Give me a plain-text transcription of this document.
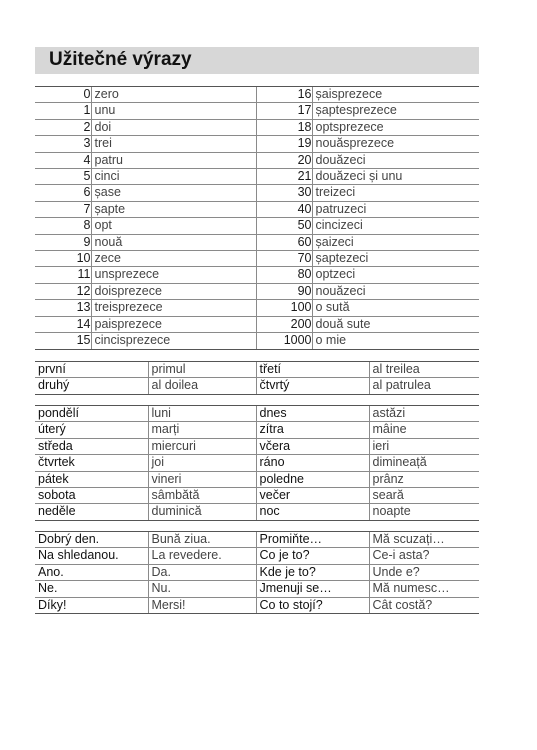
Užitečné výrazy
0	zero	16	șaisprezece
1	unu	17	șaptesprezece
2	doi	18	optsprezece
3	trei	19	nouăsprezece
4	patru	20	douăzeci
5	cinci	21	douăzeci și unu
6	șase	30	treizeci
7	șapte	40	patruzeci
8	opt	50	cincizeci
9	nouă	60	șaizeci
10	zece	70	șaptezeci
11	unsprezece	80	optzeci
12	doisprezece	90	nouăzeci
13	treisprezece	100	o sută
14	paisprezece	200	două sute
15	cincisprezece	1000	o mie
první	primul	třetí	al treilea
druhý	al doilea	čtvrtý	al patrulea
pondělí	luni	dnes	astăzi
úterý	marți	zítra	mâine
středa	miercuri	včera	ieri
čtvrtek	joi	ráno	dimineață
pátek	vineri	poledne	prânz
sobota	sâmbătă	večer	seară
neděle	duminică	noc	noapte
Dobrý den.	Bună ziua.	Promiňte…	Mă scuzați…
Na shledanou.	La revedere.	Co je to?	Ce-i asta?
Ano.	Da.	Kde je to?	Unde e?
Ne.	Nu.	Jmenuji se…	Mă numesc…
Díky!	Mersi!	Co to stojí?	Cât costă?
